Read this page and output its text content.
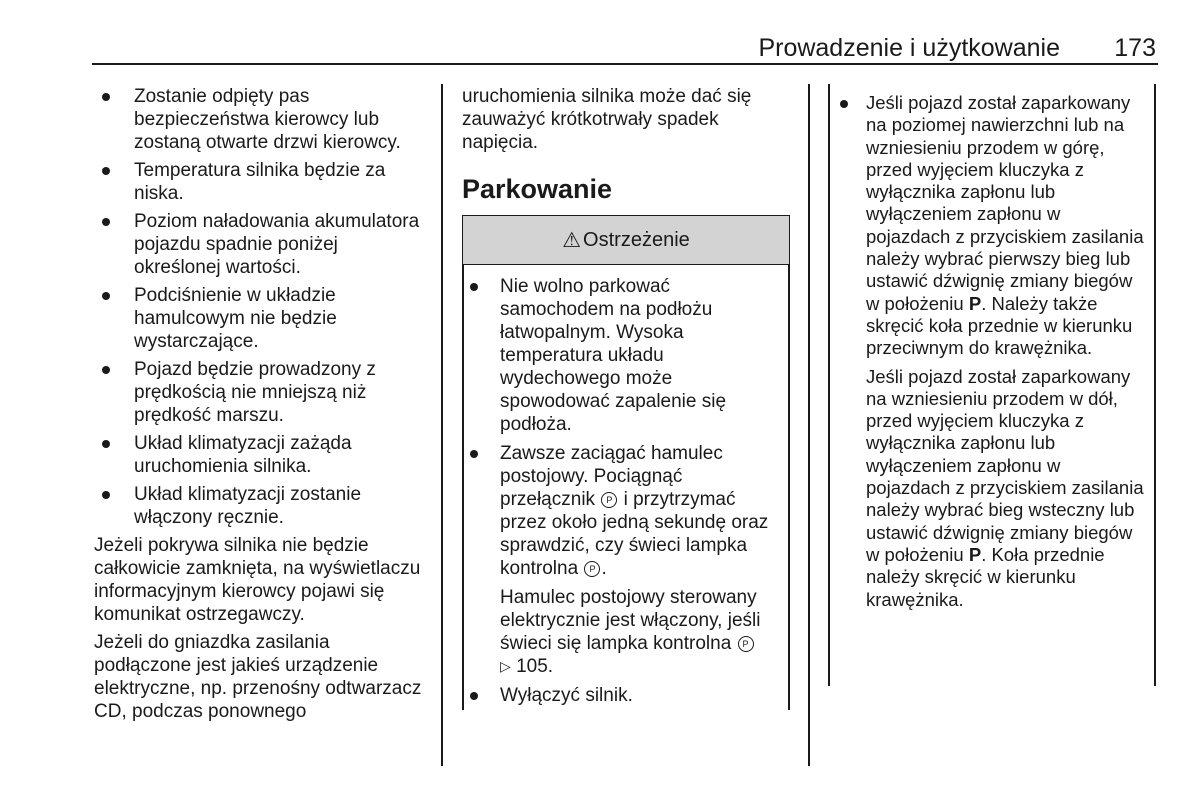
Prowadzenie i użytkowanie 173
Zostanie odpięty pas bezpieczeństwa kierowcy lub zostaną otwarte drzwi kierowcy.
Temperatura silnika będzie za niska.
Poziom naładowania akumulatora pojazdu spadnie poniżej określonej wartości.
Podciśnienie w układzie hamulcowym nie będzie wystarczające.
Pojazd będzie prowadzony z prędkością nie mniejszą niż prędkość marszu.
Układ klimatyzacji zażąda uruchomienia silnika.
Układ klimatyzacji zostanie włączony ręcznie.

Jeżeli pokrywa silnika nie będzie całkowicie zamknięta, na wyświetlaczu informacyjnym kierowcy pojawi się komunikat ostrzegawczy.

Jeżeli do gniazdka zasilania podłączone jest jakieś urządzenie elektryczne, np. przenośny odtwarzacz CD, podczas ponownego

uruchomienia silnika może dać się zauważyć krótkotrwały spadek napięcia.

Parkowanie
⚠ Ostrzeżenie
Nie wolno parkować samochodem na podłożu łatwopalnym. Wysoka temperatura układu wydechowego może spowodować zapalenie się podłoża.
Zawsze zaciągać hamulec postojowy. Pociągnąć przełącznik P i przytrzymać przez około jedną sekundę oraz sprawdzić, czy świeci lampka kontrolna P .

Hamulec postojowy sterowany elektrycznie jest włączony, jeśli świeci się lampka kontrolna P
▷ 105.

Wyłączyć silnik.
Jeśli pojazd został zaparkowany na poziomej nawierzchni lub na wzniesieniu przodem w górę, przed wyjęciem kluczyka z wyłącznika zapłonu lub wyłączeniem zapłonu w pojazdach z przyciskiem zasilania należy wybrać pierwszy bieg lub ustawić dźwignię zmiany biegów w położeniu P. Należy także skręcić koła przednie w kierunku przeciwnym do krawężnika.

Jeśli pojazd został zaparkowany na wzniesieniu przodem w dół, przed wyjęciem kluczyka z wyłącznika zapłonu lub wyłączeniem zapłonu w pojazdach z przyciskiem zasilania należy wybrać bieg wsteczny lub ustawić dźwignię zmiany biegów w położeniu P. Koła przednie należy skręcić w kierunku krawężnika.
